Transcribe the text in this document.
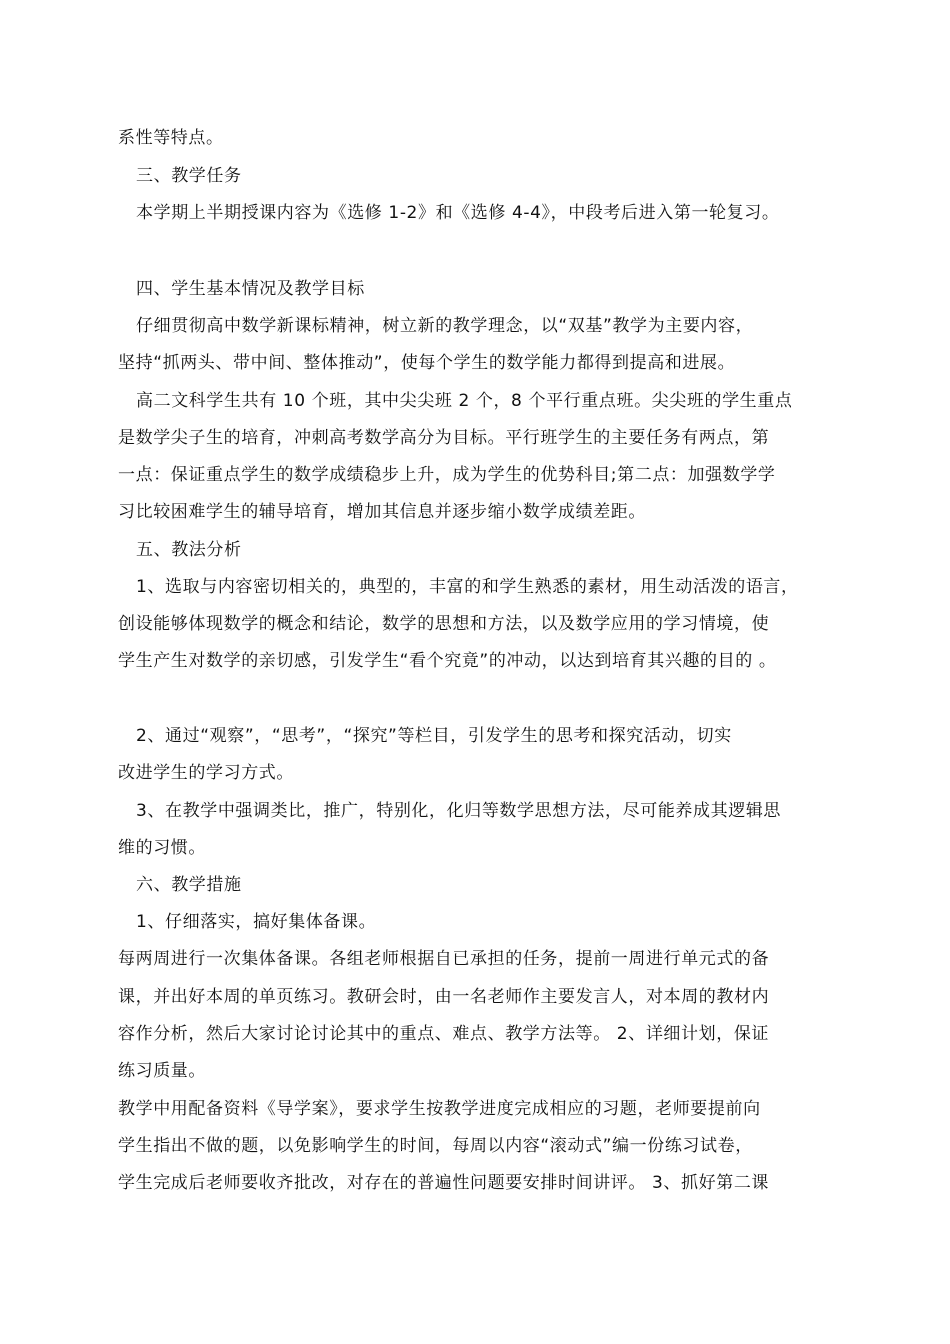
系性等特点。
三、教学任务
本学期上半期授课内容为《选修 1-2》和《选修 4-4》，中段考后进入第一轮复习。
四、学生基本情况及教学目标
仔细贯彻高中数学新课标精神，树立新的教学理念，以“双基”教学为主要内容，
坚持“抓两头、带中间、整体推动”，使每个学生的数学能力都得到提高和进展。
高二文科学生共有 10 个班，其中尖尖班 2 个，8 个平行重点班。尖尖班的学生重点
是数学尖子生的培育，冲刺高考数学高分为目标。平行班学生的主要任务有两点，第
一点：保证重点学生的数学成绩稳步上升，成为学生的优势科目;第二点：加强数学学
习比较困难学生的辅导培育，增加其信息并逐步缩小数学成绩差距。
五、教法分析
1、选取与内容密切相关的，典型的，丰富的和学生熟悉的素材，用生动活泼的语言，
创设能够体现数学的概念和结论，数学的思想和方法，以及数学应用的学习情境，使
学生产生对数学的亲切感，引发学生“看个究竟”的冲动，以达到培育其兴趣的目的 。
2、通过“观察”，“思考”，“探究”等栏目，引发学生的思考和探究活动，切实
改进学生的学习方式。
3、在教学中强调类比，推广，特别化，化归等数学思想方法，尽可能养成其逻辑思
维的习惯。
六、教学措施
1、仔细落实，搞好集体备课。
每两周进行一次集体备课。各组老师根据自已承担的任务，提前一周进行单元式的备
课，并出好本周的单页练习。教研会时，由一名老师作主要发言人，对本周的教材内
容作分析，然后大家讨论讨论其中的重点、难点、教学方法等。 2、详细计划，保证
练习质量。
教学中用配备资料《导学案》，要求学生按教学进度完成相应的习题，老师要提前向
学生指出不做的题，以免影响学生的时间，每周以内容“滚动式”编一份练习试卷，
学生完成后老师要收齐批改，对存在的普遍性问题要安排时间讲评。 3、抓好第二课
